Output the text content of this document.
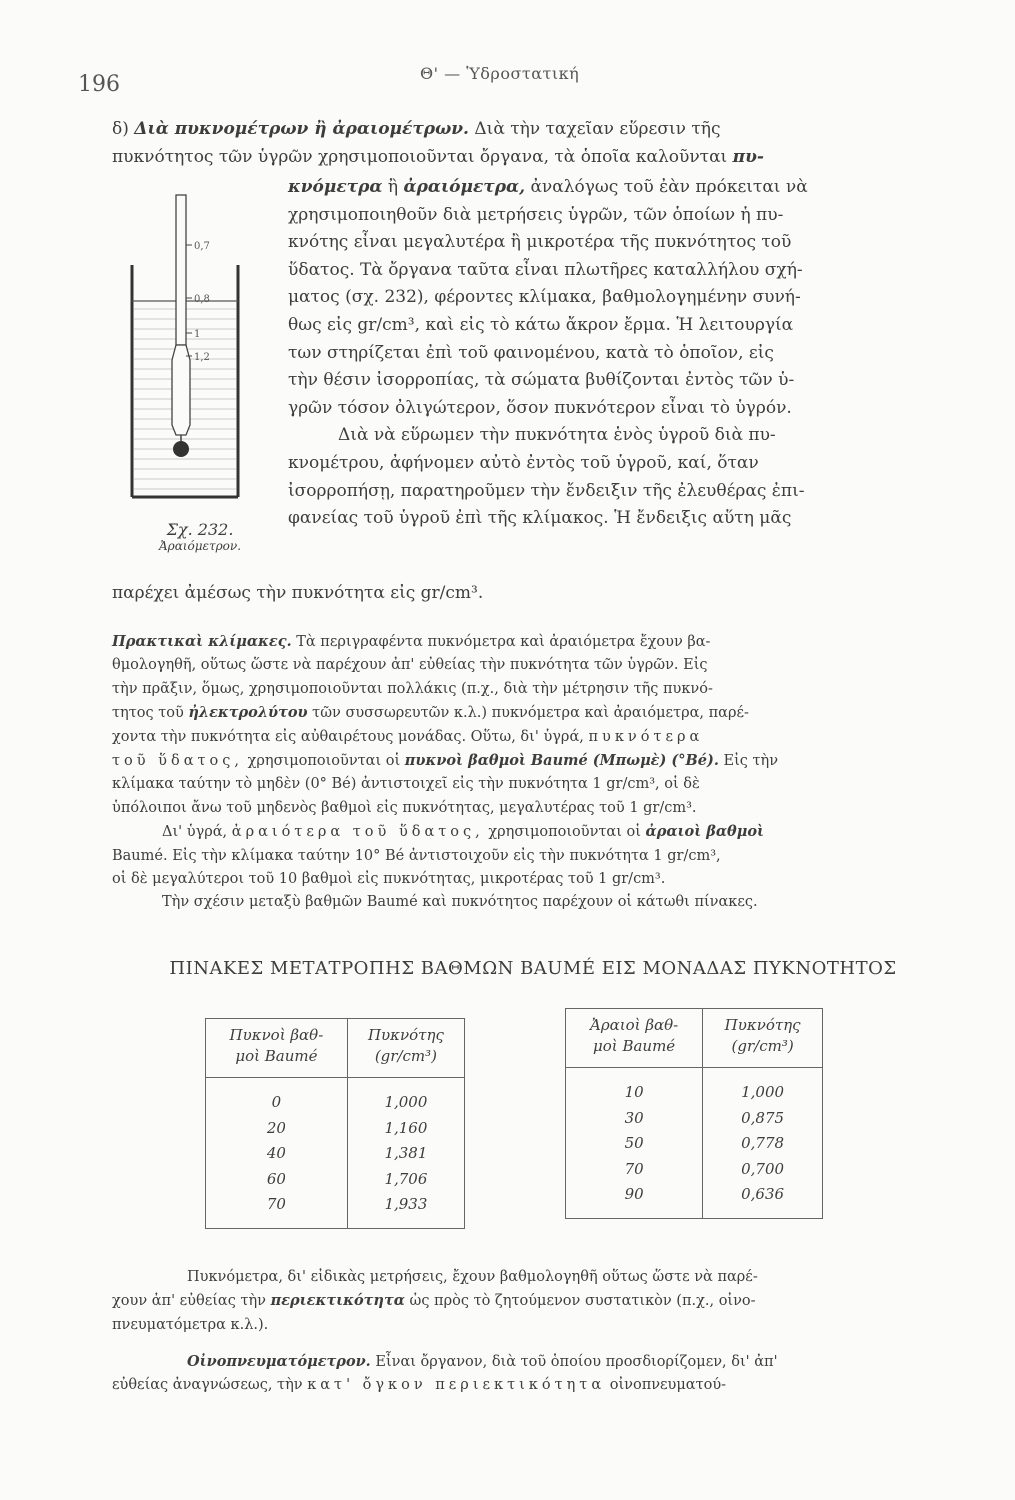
196	Θ' — Ὑδροστατική
0,7
0,8
1
1,2
Σχ. 232.
Ἀραιόμετρον.

δ) Διὰ πυκνομέτρων ἢ ἀραιομέτρων. Διὰ τὴν ταχεῖαν εὕρεσιν τῆς

πυκνότητος τῶν ὑγρῶν χρησιμοποιοῦνται ὄργανα, τὰ ὁποῖα καλοῦνται πυ-

κνόμετρα ἢ ἀραιόμετρα, ἀναλόγως τοῦ ἐὰν πρόκειται νὰ
χρησιμοποιηθοῦν διὰ μετρήσεις ὑγρῶν, τῶν ὁποίων ἡ πυ-
κνότης εἶναι μεγαλυτέρα ἢ μικροτέρα τῆς πυκνότητος τοῦ
ὕδατος. Τὰ ὄργανα ταῦτα εἶναι πλωτῆρες καταλλήλου σχή-
ματος (σχ. 232), φέροντες κλίμακα, βαθμολογημένην συνή-
θως εἰς gr/cm³, καὶ εἰς τὸ κάτω ἄκρον ἔρμα. Ἡ λειτουργία
των στηρίζεται ἐπὶ τοῦ φαινομένου, κατὰ τὸ ὁποῖον, εἰς
τὴν θέσιν ἰσορροπίας, τὰ σώματα βυθίζονται ἐντὸς τῶν ὑ-
γρῶν τόσον ὀλιγώτερον, ὅσον πυκνότερον εἶναι τὸ ὑγρόν.
Διὰ νὰ εὕρωμεν τὴν πυκνότητα ἑνὸς ὑγροῦ διὰ πυ-
κνομέτρου, ἀφήνομεν αὐτὸ ἐντὸς τοῦ ὑγροῦ, καί, ὅταν
ἰσορροπήσῃ, παρατηροῦμεν τὴν ἔνδειξιν τῆς ἐλευθέρας ἐπι-
φανείας τοῦ ὑγροῦ ἐπὶ τῆς κλίμακος. Ἡ ἔνδειξις αὕτη μᾶς

παρέχει ἀμέσως τὴν πυκνότητα εἰς gr/cm³.

Πρακτικαὶ κλίμακες. Τὰ περιγραφέντα πυκνόμετρα καὶ ἀραιόμετρα ἔχουν βα-
θμολογηθῆ, οὕτως ὥστε νὰ παρέχουν ἀπ' εὐθείας τὴν πυκνότητα τῶν ὑγρῶν. Εἰς
τὴν πρᾶξιν, ὅμως, χρησιμοποιοῦνται πολλάκις (π.χ., διὰ τὴν μέτρησιν τῆς πυκνό-
τητος τοῦ ἠλεκτρολύτου τῶν συσσωρευτῶν κ.λ.) πυκνόμετρα καὶ ἀραιόμετρα, παρέ-
χοντα τὴν πυκνότητα εἰς αὐθαιρέτους μονάδας. Οὕτω, δι' ὑγρά, πυκνότερα
τοῦ ὕδατος, χρησιμοποιοῦνται οἱ πυκνοὶ βαθμοὶ Baumé (Μπωμὲ) (°Bé). Εἰς τὴν
κλίμακα ταύτην τὸ μηδὲν (0° Bé) ἀντιστοιχεῖ εἰς τὴν πυκνότητα 1 gr/cm³, οἱ δὲ
ὑπόλοιποι ἄνω τοῦ μηδενὸς βαθμοὶ εἰς πυκνότητας, μεγαλυτέρας τοῦ 1 gr/cm³.
Δι' ὑγρά, ἀραιότερα τοῦ ὕδατος, χρησιμοποιοῦνται οἱ ἀραιοὶ βαθμοὶ
Baumé. Εἰς τὴν κλίμακα ταύτην 10° Bé ἀντιστοιχοῦν εἰς τὴν πυκνότητα 1 gr/cm³,
οἱ δὲ μεγαλύτεροι τοῦ 10 βαθμοὶ εἰς πυκνότητας, μικροτέρας τοῦ 1 gr/cm³.
Τὴν σχέσιν μεταξὺ βαθμῶν Baumé καὶ πυκνότητος παρέχουν οἱ κάτωθι πίνακες.
ΠΙΝΑΚΕΣ ΜΕΤΑΤΡΟΠΗΣ ΒΑΘΜΩΝ BAUMÉ ΕΙΣ ΜΟΝΑΔΑΣ ΠΥΚΝΟΤΗΤΟΣ
Πυκνοὶ βαθ-
μοὶ Baumé	Πυκνότης
(gr/cm³)
0	1,000
20	1,160
40	1,381
60	1,706
70	1,933
Ἀραιοὶ βαθ-
μοὶ Baumé	Πυκνότης
(gr/cm³)
10	1,000
30	0,875
50	0,778
70	0,700
90	0,636
Πυκνόμετρα, δι' εἰδικὰς μετρήσεις, ἔχουν βαθμολογηθῆ οὕτως ὥστε νὰ παρέ-
χουν ἀπ' εὐθείας τὴν περιεκτικότητα ὡς πρὸς τὸ ζητούμενον συστατικὸν (π.χ., οἰνο-
πνευματόμετρα κ.λ.).
Οἰνοπνευματόμετρον. Εἶναι ὄργανον, διὰ τοῦ ὁποίου προσδιορίζομεν, δι' ἀπ'
εὐθείας ἀναγνώσεως, τὴν κατ' ὄγκον περιεκτικότητα οἰνοπνευματού-
